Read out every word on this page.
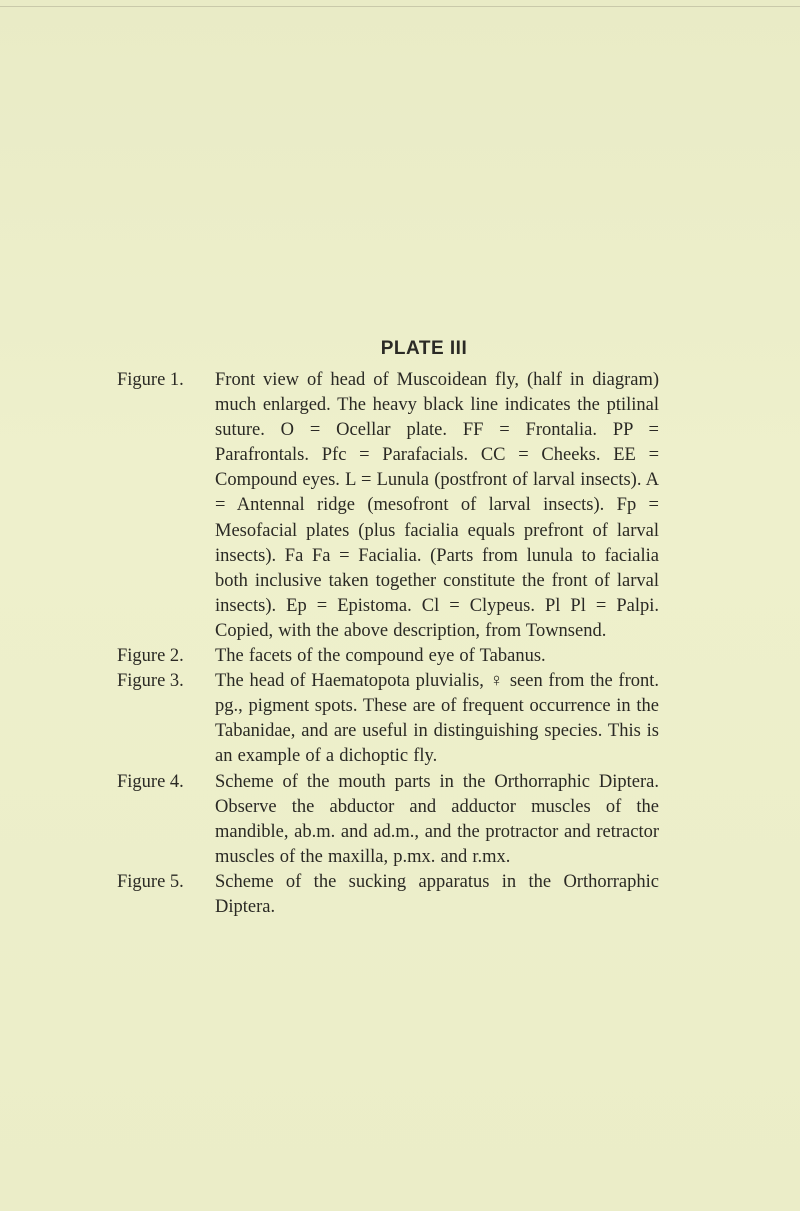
PLATE III
Figure 1. Front view of head of Muscoidean fly, (half in diagram) much enlarged. The heavy black line indicates the ptilinal suture. O = Ocellar plate. FF = Frontalia. PP = Parafrontals. Pfc = Parafacials. CC = Cheeks. EE = Compound eyes. L = Lunula (postfront of larval insects). A = Antennal ridge (mesofront of larval insects). Fp = Mesofacial plates (plus facialia equals prefront of larval insects). Fa Fa = Facialia. (Parts from lunula to facialia both inclusive taken together constitute the front of larval insects). Ep = Epistoma. Cl = Clypeus. Pl Pl = Palpi. Copied, with the above description, from Townsend.
Figure 2. The facets of the compound eye of Tabanus.
Figure 3. The head of Haematopota pluvialis, ♀ seen from the front. pg., pigment spots. These are of frequent occurrence in the Tabanidae, and are useful in distinguishing species. This is an example of a dichoptic fly.
Figure 4. Scheme of the mouth parts in the Orthorraphic Diptera. Observe the abductor and adductor muscles of the mandible, ab.m. and ad.m., and the protractor and retractor muscles of the maxilla, p.mx. and r.mx.
Figure 5. Scheme of the sucking apparatus in the Orthorraphic Diptera.
